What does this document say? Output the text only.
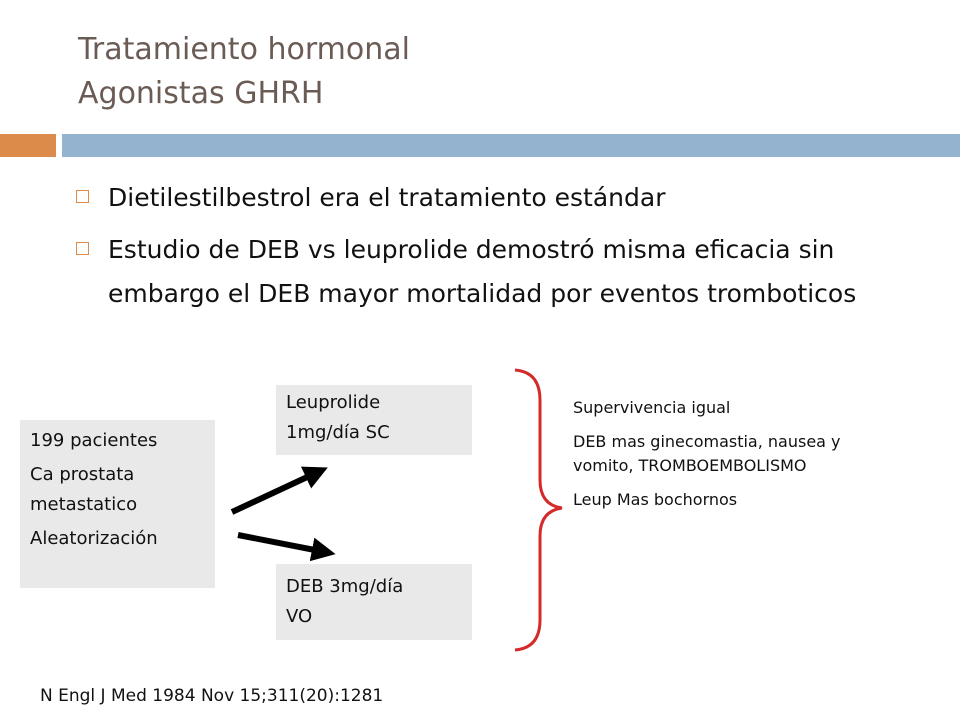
Tratamiento hormonal
Agonistas GHRH
Dietilestilbestrol era el tratamiento estándar
Estudio de DEB vs leuprolide demostró misma eficacia sin embargo el DEB mayor mortalidad por eventos tromboticos

199 pacientes

Ca prostata metastatico

Aleatorización

Leuprolide

1mg/día SC

DEB 3mg/día

VO

Supervivencia igual

DEB mas ginecomastia, nausea y vomito, TROMBOEMBOLISMO

Leup Mas bochornos

N Engl J Med 1984 Nov 15;311(20):1281
